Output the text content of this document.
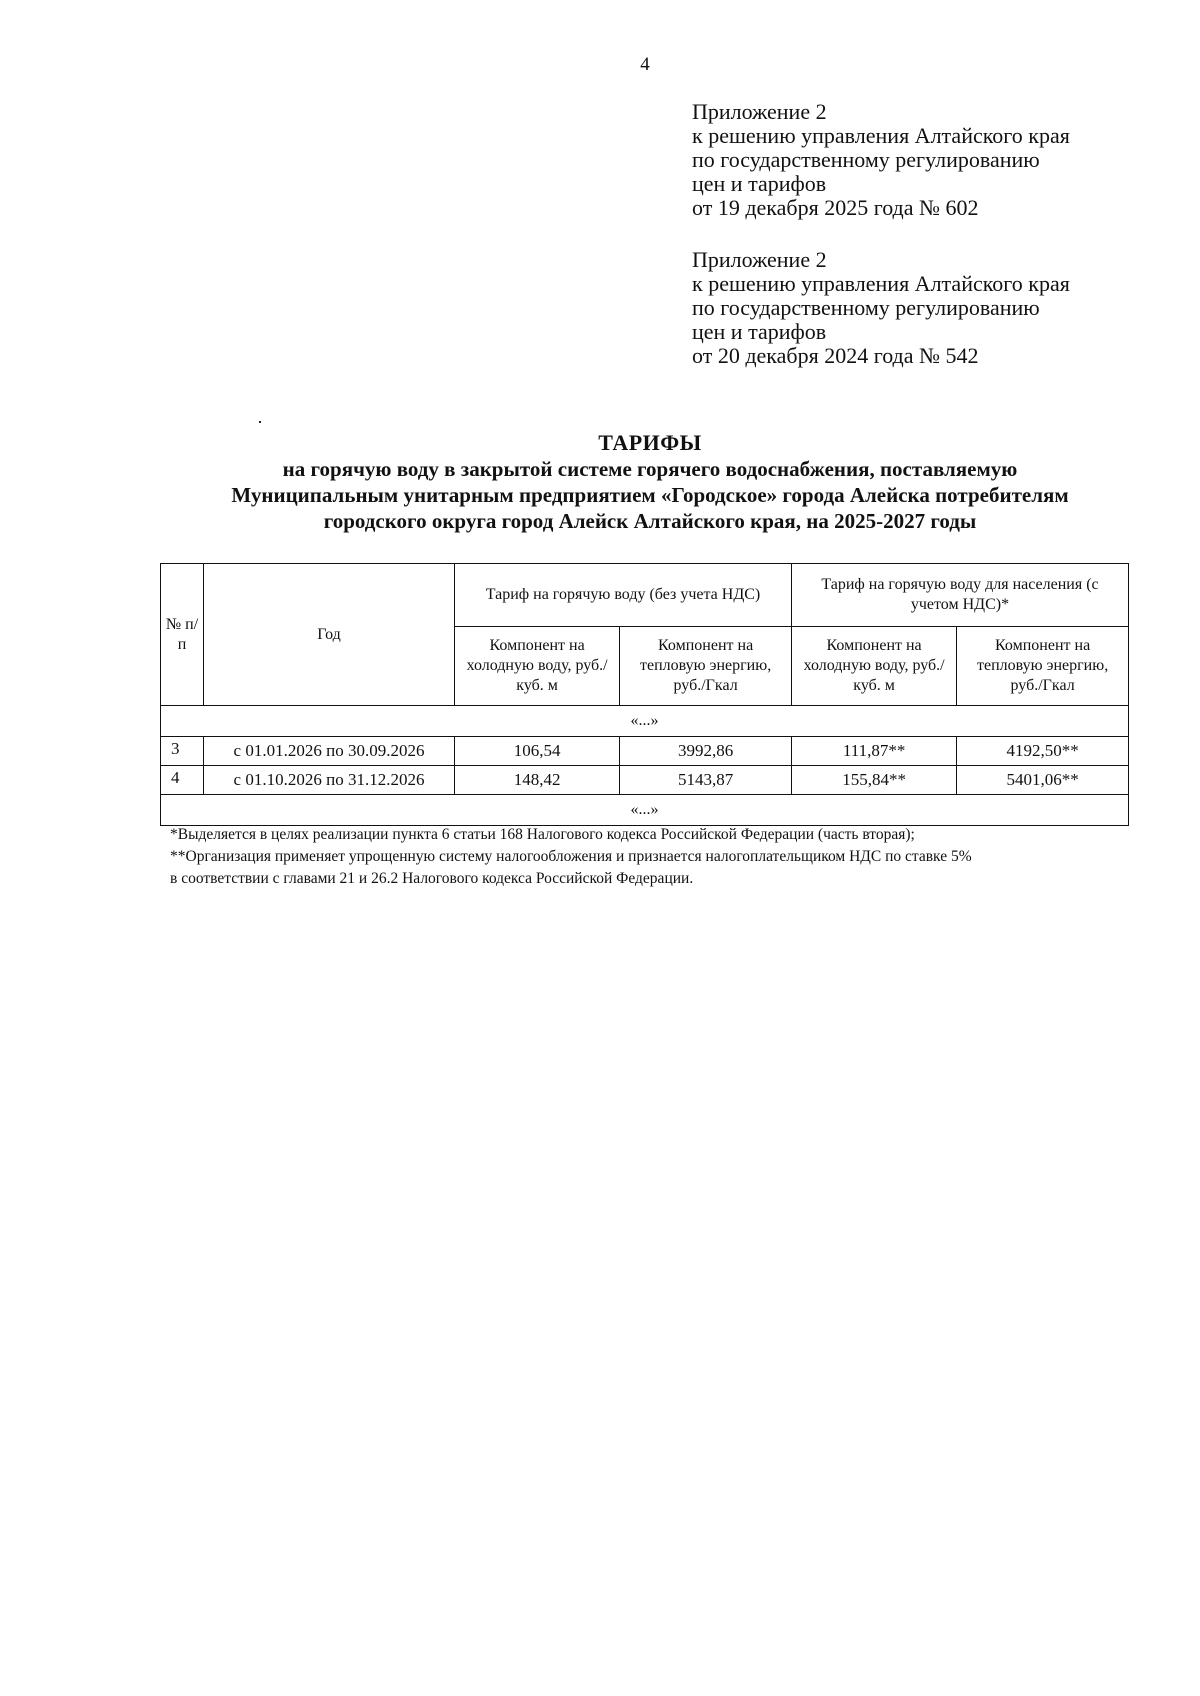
4
Приложение 2
к решению управления Алтайского края
по государственному регулированию
цен и тарифов
от 19 декабря 2025 года № 602
Приложение 2
к решению управления Алтайского края
по государственному регулированию
цен и тарифов
от 20 декабря 2024 года № 542
ТАРИФЫ
на горячую воду в закрытой системе горячего водоснабжения, поставляемую
Муниципальным унитарным предприятием «Городское» города Алейска потребителям
городского округа город Алейск Алтайского края, на 2025-2027 годы
№ п/п	Год	Тариф на горячую воду (без учета НДС)		Тариф на горячую воду для населения (с учетом НДС)*	
		Компонент на холодную воду, руб./куб. м	Компонент на тепловую энергию, руб./Гкал	Компонент на холодную воду, руб./куб. м	Компонент на тепловую энергию, руб./Гкал
«...»					
3	с 01.01.2026 по 30.09.2026	106,54	3992,86	111,87**	4192,50**
4	с 01.10.2026 по 31.12.2026	148,42	5143,87	155,84**	5401,06**
«...»					
*Выделяется в целях реализации пункта 6 статьи 168 Налогового кодекса Российской Федерации (часть вторая);
**Организация применяет упрощенную систему налогообложения и признается налогоплательщиком НДС по ставке 5%
в соответствии с главами 21 и 26.2 Налогового кодекса Российской Федерации.
